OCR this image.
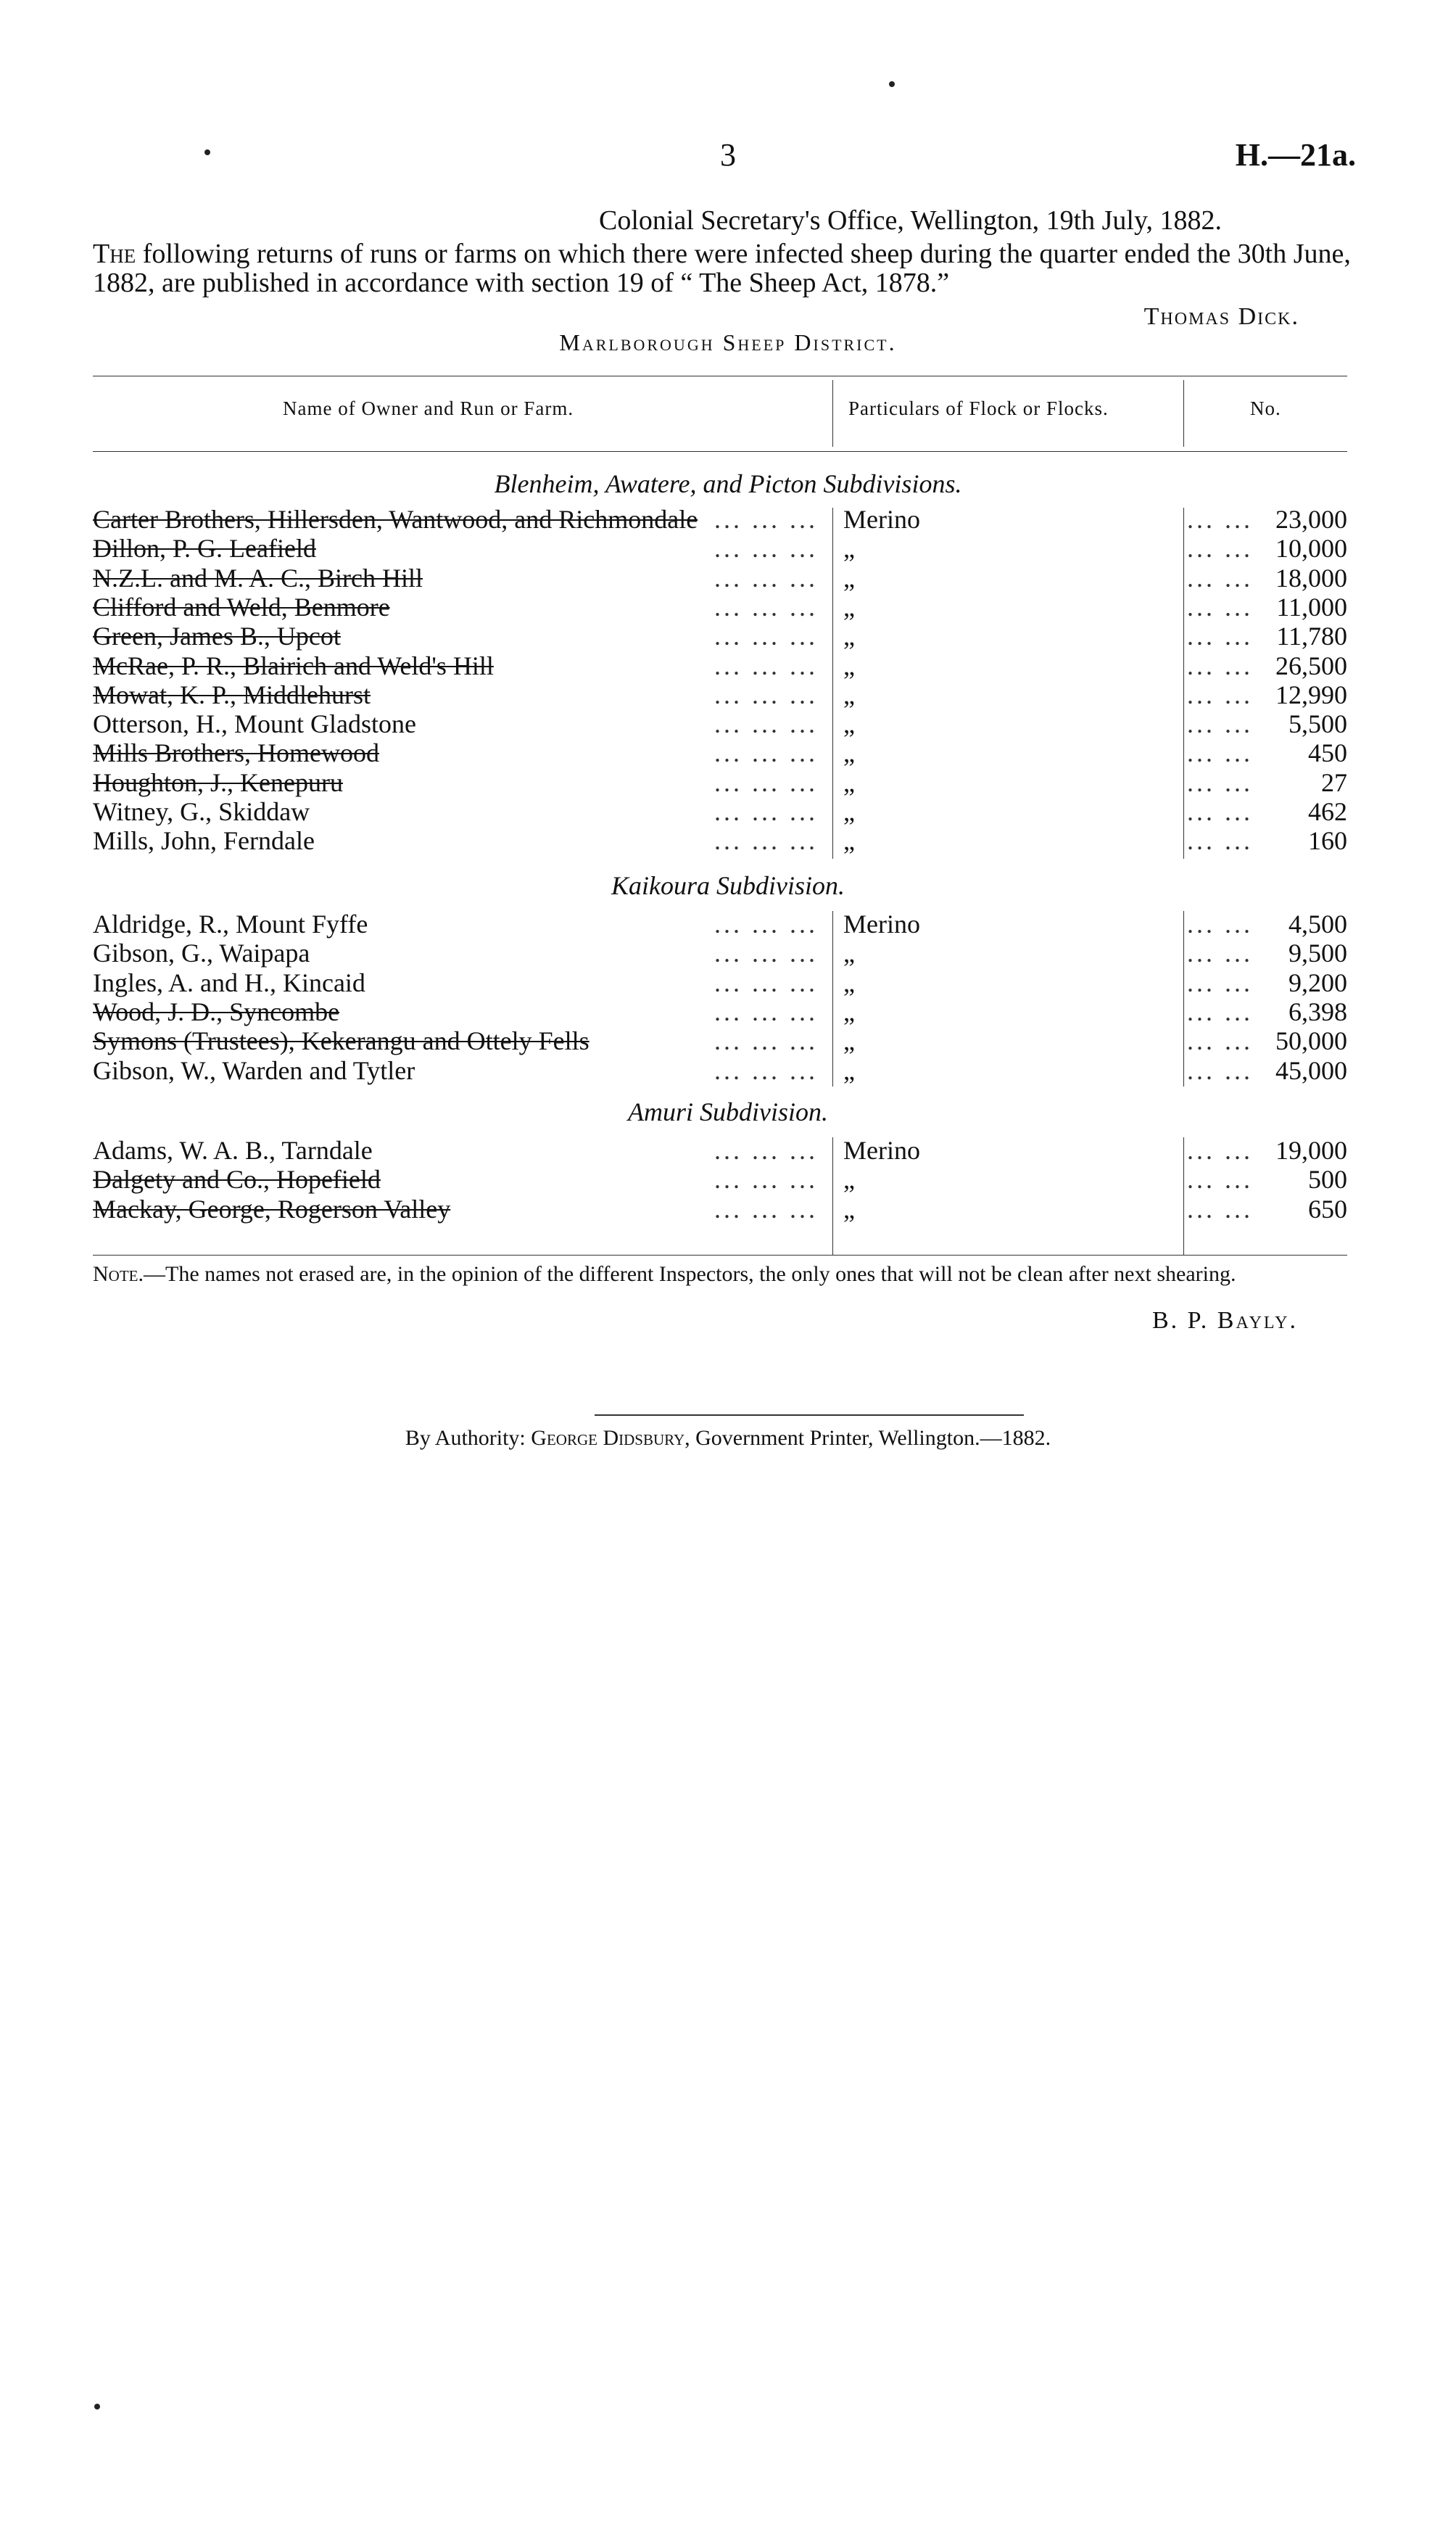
3	H.—21a.
Colonial Secretary's Office, Wellington, 19th July, 1882.
The following returns of runs or farms on which there were infected sheep during the quarter ended the 30th June, 1882, are published in accordance with section 19 of “ The Sheep Act, 1878.”
Thomas Dick.
Marlborough Sheep District.
Name of Owner and Run or Farm.	Particulars of Flock or Flocks.	No.
Blenheim, Awatere, and Picton Subdivisions.
... ... ...
Carter Brothers, Hillersden, Wantwood, and Richmondale	Merino	... ... 23,000
... ... ...
Dillon, P. G. Leafield	„	... ... 10,000
... ... ...
N.Z.L. and M. A. C., Birch Hill	„	... ... 18,000
... ... ...
Clifford and Weld, Benmore	„	... ... 11,000
... ... ...
Green, James B., Upcot	„	... ... 11,780
... ... ...
McRae, P. R., Blairich and Weld's Hill	„	... ... 26,500
... ... ...
Mowat, K. P., Middlehurst	„	... ... 12,990
... ... ...
Otterson, H., Mount Gladstone	„	... ... 5,500
... ... ...
Mills Brothers, Homewood	„	... ... 450
... ... ...
Houghton, J., Kenepuru	„	... ...	27
... ... ...
Witney, G., Skiddaw	„	... ... 462
... ... ...
Mills, John, Ferndale	„	... ... 160
Kaikoura Subdivision.
... ... ...
Aldridge, R., Mount Fyffe	Merino	... ... 4,500
... ... ...
Gibson, G., Waipapa	„	... ... 9,500
... ... ...
Ingles, A. and H., Kincaid	„	... ... 9,200
... ... ...
Wood, J. D., Syncombe	„	... ... 6,398
... ... ...
Symons (Trustees), Kekerangu and Ottely Fells	„	... ... 50,000
... ... ...
Gibson, W., Warden and Tytler	„	... ... 45,000
Amuri Subdivision.
... ... ...
Adams, W. A. B., Tarndale	Merino	... ... 19,000
... ... ...
Dalgety and Co., Hopefield	„	... ... 500
... ... ...
Mackay, George, Rogerson Valley	„	... ... 650
Note.—The names not erased are, in the opinion of the different Inspectors, the only ones that will not be clean after next shearing.
B. P. Bayly.
By Authority: George Didsbury, Government Printer, Wellington.—1882.
